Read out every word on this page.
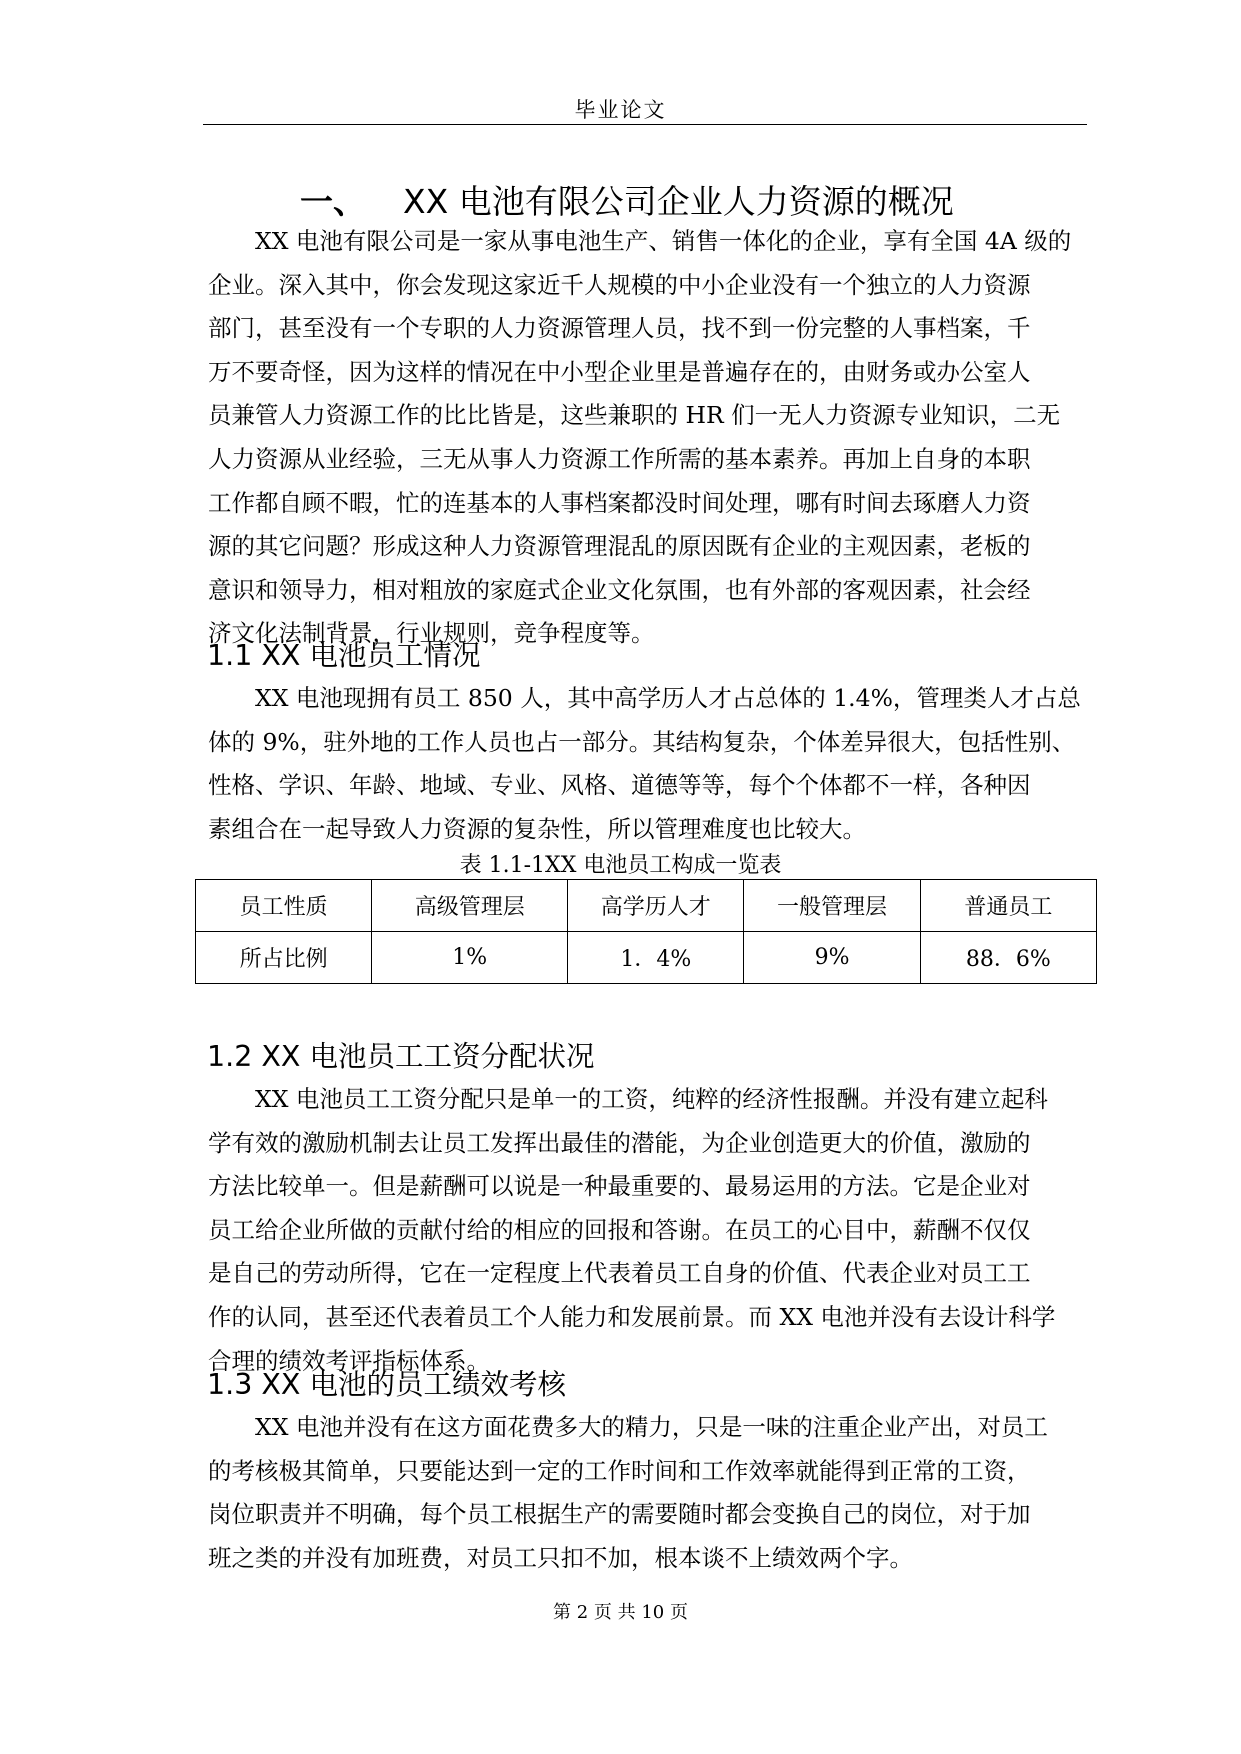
毕业论文
一、 XX 电池有限公司企业人力资源的概况
XX 电池有限公司是一家从事电池生产、销售一体化的企业，享有全国 4A 级的
企业。深入其中，你会发现这家近千人规模的中小企业没有一个独立的人力资源
部门，甚至没有一个专职的人力资源管理人员，找不到一份完整的人事档案，千
万不要奇怪，因为这样的情况在中小型企业里是普遍存在的，由财务或办公室人
员兼管人力资源工作的比比皆是，这些兼职的 HR 们一无人力资源专业知识，二无
人力资源从业经验，三无从事人力资源工作所需的基本素养。再加上自身的本职
工作都自顾不暇，忙的连基本的人事档案都没时间处理，哪有时间去琢磨人力资
源的其它问题？形成这种人力资源管理混乱的原因既有企业的主观因素，老板的
意识和领导力，相对粗放的家庭式企业文化氛围，也有外部的客观因素，社会经
济文化法制背景，行业规则，竞争程度等。
1.1 XX 电池员工情况
XX 电池现拥有员工 850 人，其中高学历人才占总体的 1.4%，管理类人才占总
体的 9%，驻外地的工作人员也占一部分。其结构复杂，个体差异很大，包括性别、
性格、学识、年龄、地域、专业、风格、道德等等，每个个体都不一样，各种因
素组合在一起导致人力资源的复杂性，所以管理难度也比较大。
表 1.1-1XX 电池员工构成一览表
员工性质	高级管理层	高学历人才	一般管理层	普通员工
所占比例	1%	1．4%	9%	88．6%
1.2 XX 电池员工工资分配状况
XX 电池员工工资分配只是单一的工资，纯粹的经济性报酬。并没有建立起科
学有效的激励机制去让员工发挥出最佳的潜能，为企业创造更大的价值，激励的
方法比较单一。但是薪酬可以说是一种最重要的、最易运用的方法。它是企业对
员工给企业所做的贡献付给的相应的回报和答谢。在员工的心目中，薪酬不仅仅
是自己的劳动所得，它在一定程度上代表着员工自身的价值、代表企业对员工工
作的认同，甚至还代表着员工个人能力和发展前景。而 XX 电池并没有去设计科学
合理的绩效考评指标体系。
1.3 XX 电池的员工绩效考核
XX 电池并没有在这方面花费多大的精力，只是一味的注重企业产出，对员工
的考核极其简单，只要能达到一定的工作时间和工作效率就能得到正常的工资，
岗位职责并不明确，每个员工根据生产的需要随时都会变换自己的岗位，对于加
班之类的并没有加班费，对员工只扣不加，根本谈不上绩效两个字。
第 2 页 共 10 页
